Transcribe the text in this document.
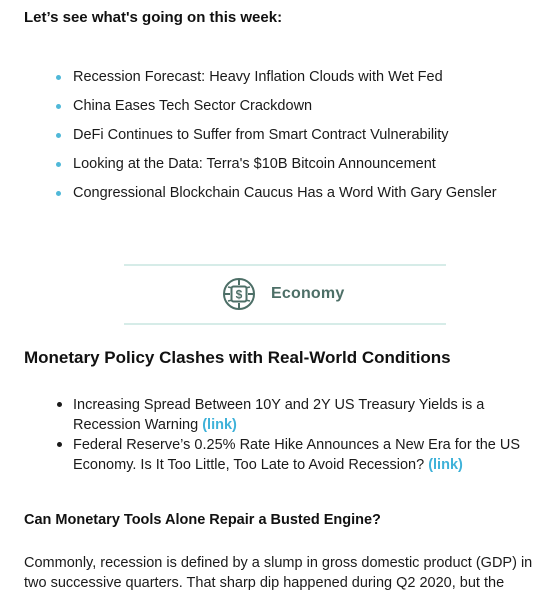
Let’s see what's going on this week:
Recession Forecast: Heavy Inflation Clouds with Wet Fed
China Eases Tech Sector Crackdown
DeFi Continues to Suffer from Smart Contract Vulnerability
Looking at the Data: Terra's $10B Bitcoin Announcement
Congressional Blockchain Caucus Has a Word With Gary Gensler
$ Economy
Monetary Policy Clashes with Real-World Conditions
Increasing Spread Between 10Y and 2Y US Treasury Yields is a Recession Warning (link)
Federal Reserve’s 0.25% Rate Hike Announces a New Era for the US Economy. Is It Too Little, Too Late to Avoid Recession? (link)
Can Monetary Tools Alone Repair a Busted Engine?
Commonly, recession is defined by a slump in gross domestic product (GDP) in two successive quarters. That sharp dip happened during Q2 2020, but the
